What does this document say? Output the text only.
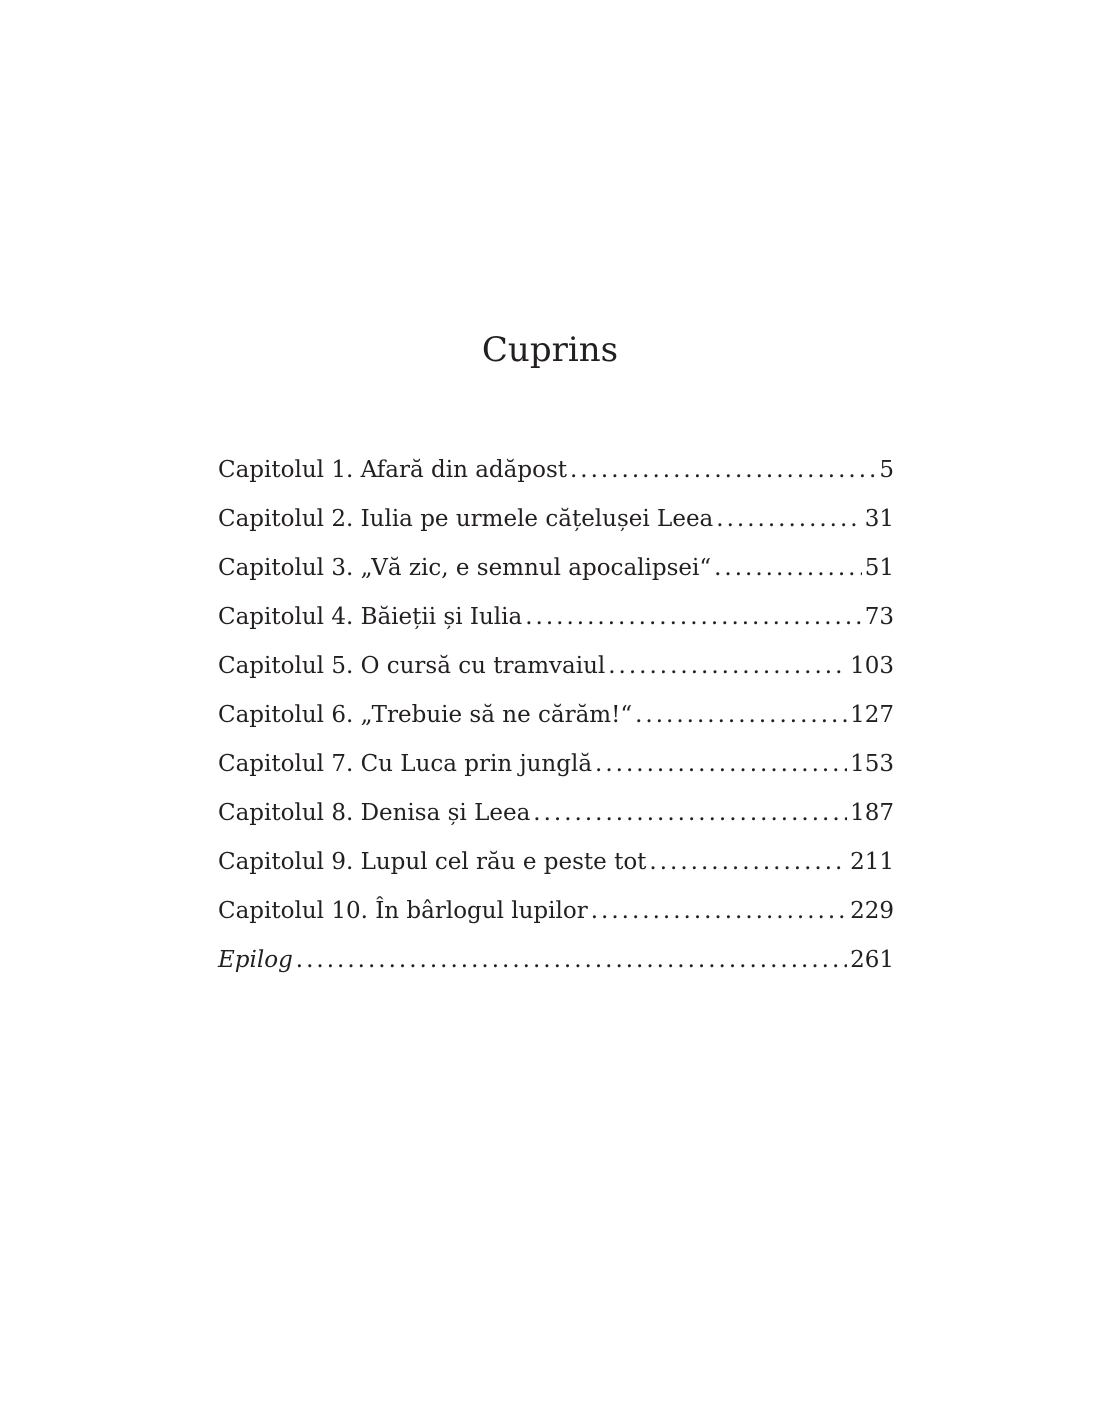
Cuprins
Capitolul 1. Afară din adăpost .....	5
Capitolul 2. Iulia pe urmele cățelușei Leea .....	31
Capitolul 3. „Vă zic, e semnul apocalipsei“ .....	51
Capitolul 4. Băieții și Iulia .....	73
Capitolul 5. O cursă cu tramvaiul .....	103
Capitolul 6. „Trebuie să ne cărăm!“ .....	127
Capitolul 7. Cu Luca prin junglă .....	153
Capitolul 8. Denisa și Leea .....	187
Capitolul 9. Lupul cel rău e peste tot .....	211
Capitolul 10. În bârlogul lupilor .....	229
Epilog .....	261
